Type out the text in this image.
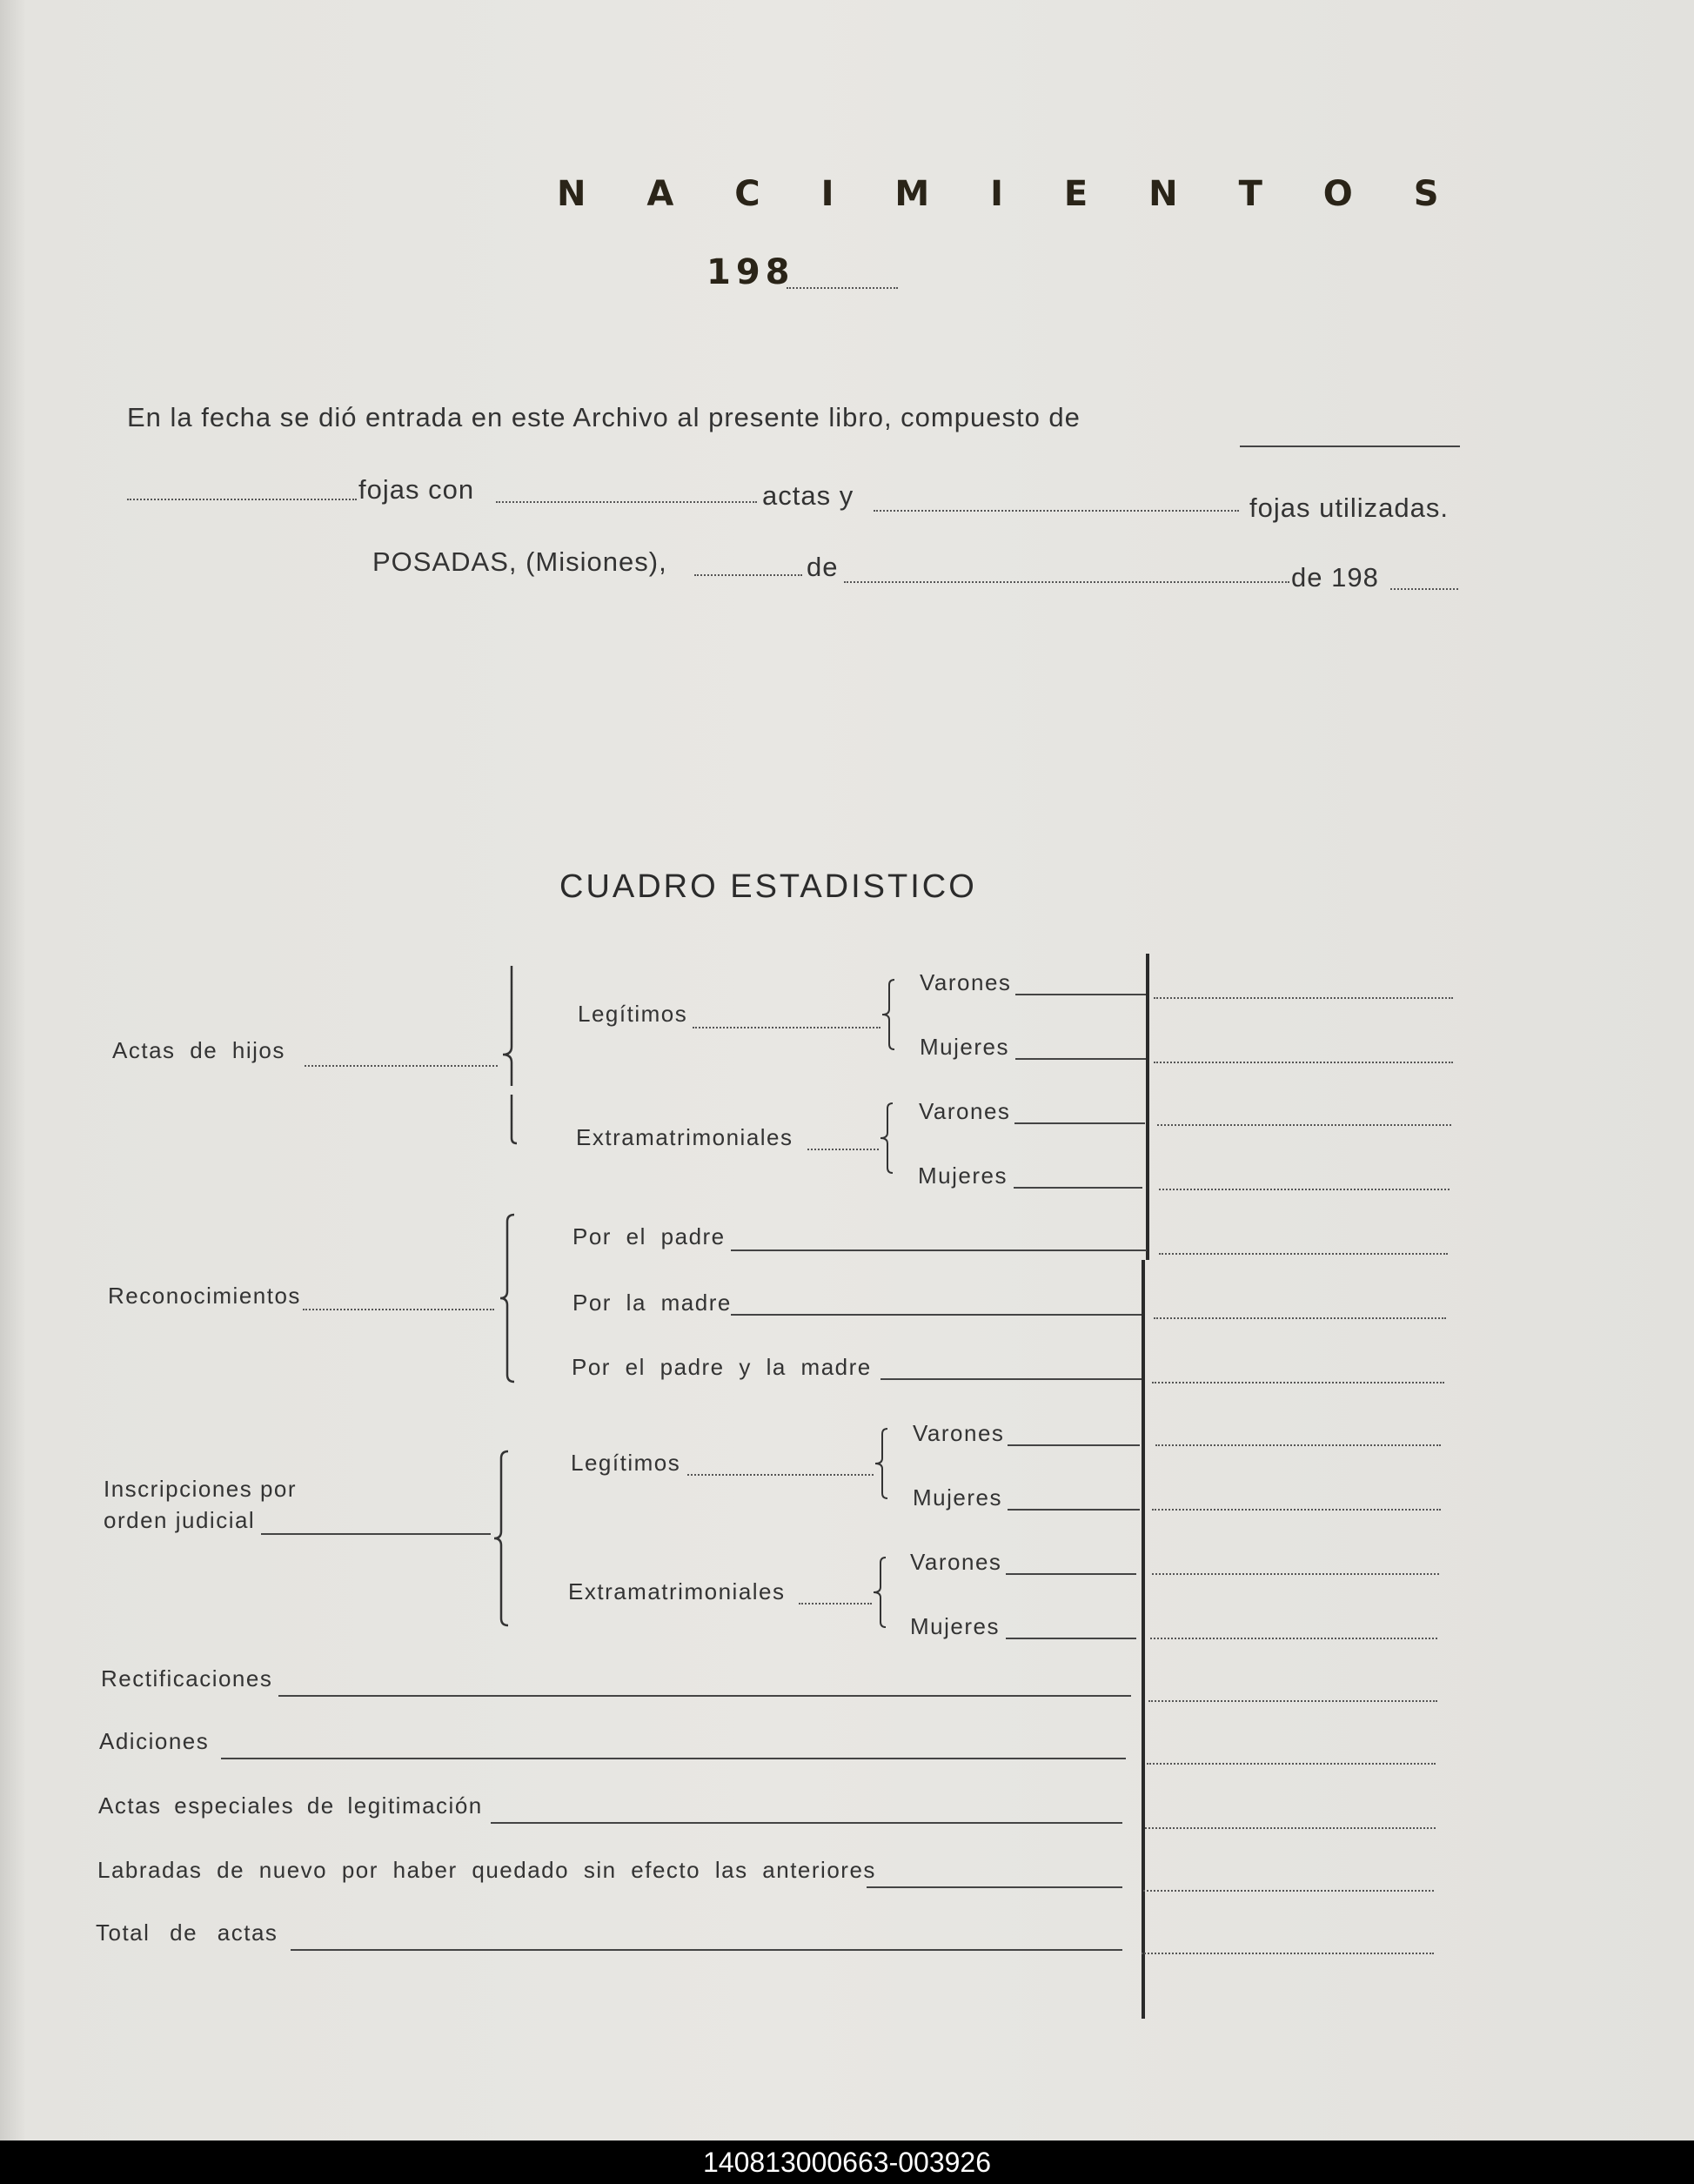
N A C I M I E N T O S
198
En la fecha se dió entrada en este Archivo al presente libro, compuesto de
fojas con	actas y	fojas utilizadas.
POSADAS, (Misiones),	de	de 198
CUADRO ESTADISTICO
Actas de hijos
Legítimos
Varones
Mujeres
Extramatrimoniales
Varones
Mujeres
Reconocimientos
Por el padre
Por la madre
Por el padre y la madre
Inscripciones por
orden judicial
Legítimos
Varones
Mujeres
Extramatrimoniales
Varones
Mujeres
Rectificaciones
Adiciones
Actas especiales de legitimación
Labradas de nuevo por haber quedado sin efecto las anteriores
Total de actas
140813000663-003926
